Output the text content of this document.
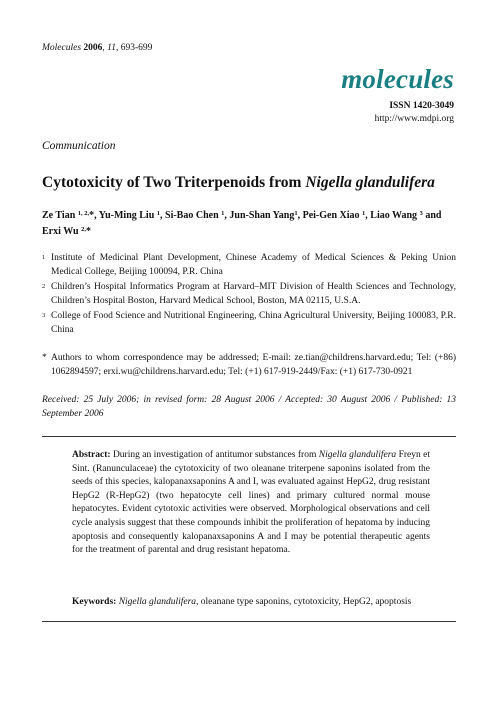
Molecules 2006, 11, 693-699
molecules
ISSN 1420-3049
http://www.mdpi.org
Communication
Cytotoxicity of Two Triterpenoids from Nigella glandulifera
Ze Tian $^{1, 2,}$*, Yu-Ming Liu $^1$, Si-Bao Chen $^1$, Jun-Shan Yang$^1$, Pei-Gen Xiao $^1$, Liao Wang $^3$ and Erxi Wu $^{2,}$*
1 Institute of Medicinal Plant Development, Chinese Academy of Medical Sciences & Peking Union Medical College, Beijing 100094, P.R. China
2 Children’s Hospital Informatics Program at Harvard–MIT Division of Health Sciences and Technology, Children’s Hospital Boston, Harvard Medical School, Boston, MA 02115, U.S.A.
3 College of Food Science and Nutritional Engineering, China Agricultural University, Beijing 100083, P.R. China
* Authors to whom correspondence may be addressed; E-mail: ze.tian@childrens.harvard.edu; Tel: (+86) 1062894597; erxi.wu@childrens.harvard.edu; Tel: (+1) 617-919-2449/Fax: (+1) 617-730-0921
Received: 25 July 2006; in revised form: 28 August 2006 / Accepted: 30 August 2006 / Published: 13 September 2006
Abstract: During an investigation of antitumor substances from Nigella glandulifera Freyn et Sint. (Ranunculaceae) the cytotoxicity of two oleanane triterpene saponins isolated from the seeds of this species, kalopanaxsaponins A and I, was evaluated against HepG2, drug resistant HepG2 (R-HepG2) (two hepatocyte cell lines) and primary cultured normal mouse hepatocytes. Evident cytotoxic activities were observed. Morphological observations and cell cycle analysis suggest that these compounds inhibit the proliferation of hepatoma by inducing apoptosis and consequently kalopanaxsaponins A and I may be potential therapeutic agents for the treatment of parental and drug resistant hepatoma.
Keywords: Nigella glandulifera, oleanane type saponins, cytotoxicity, HepG2, apoptosis
